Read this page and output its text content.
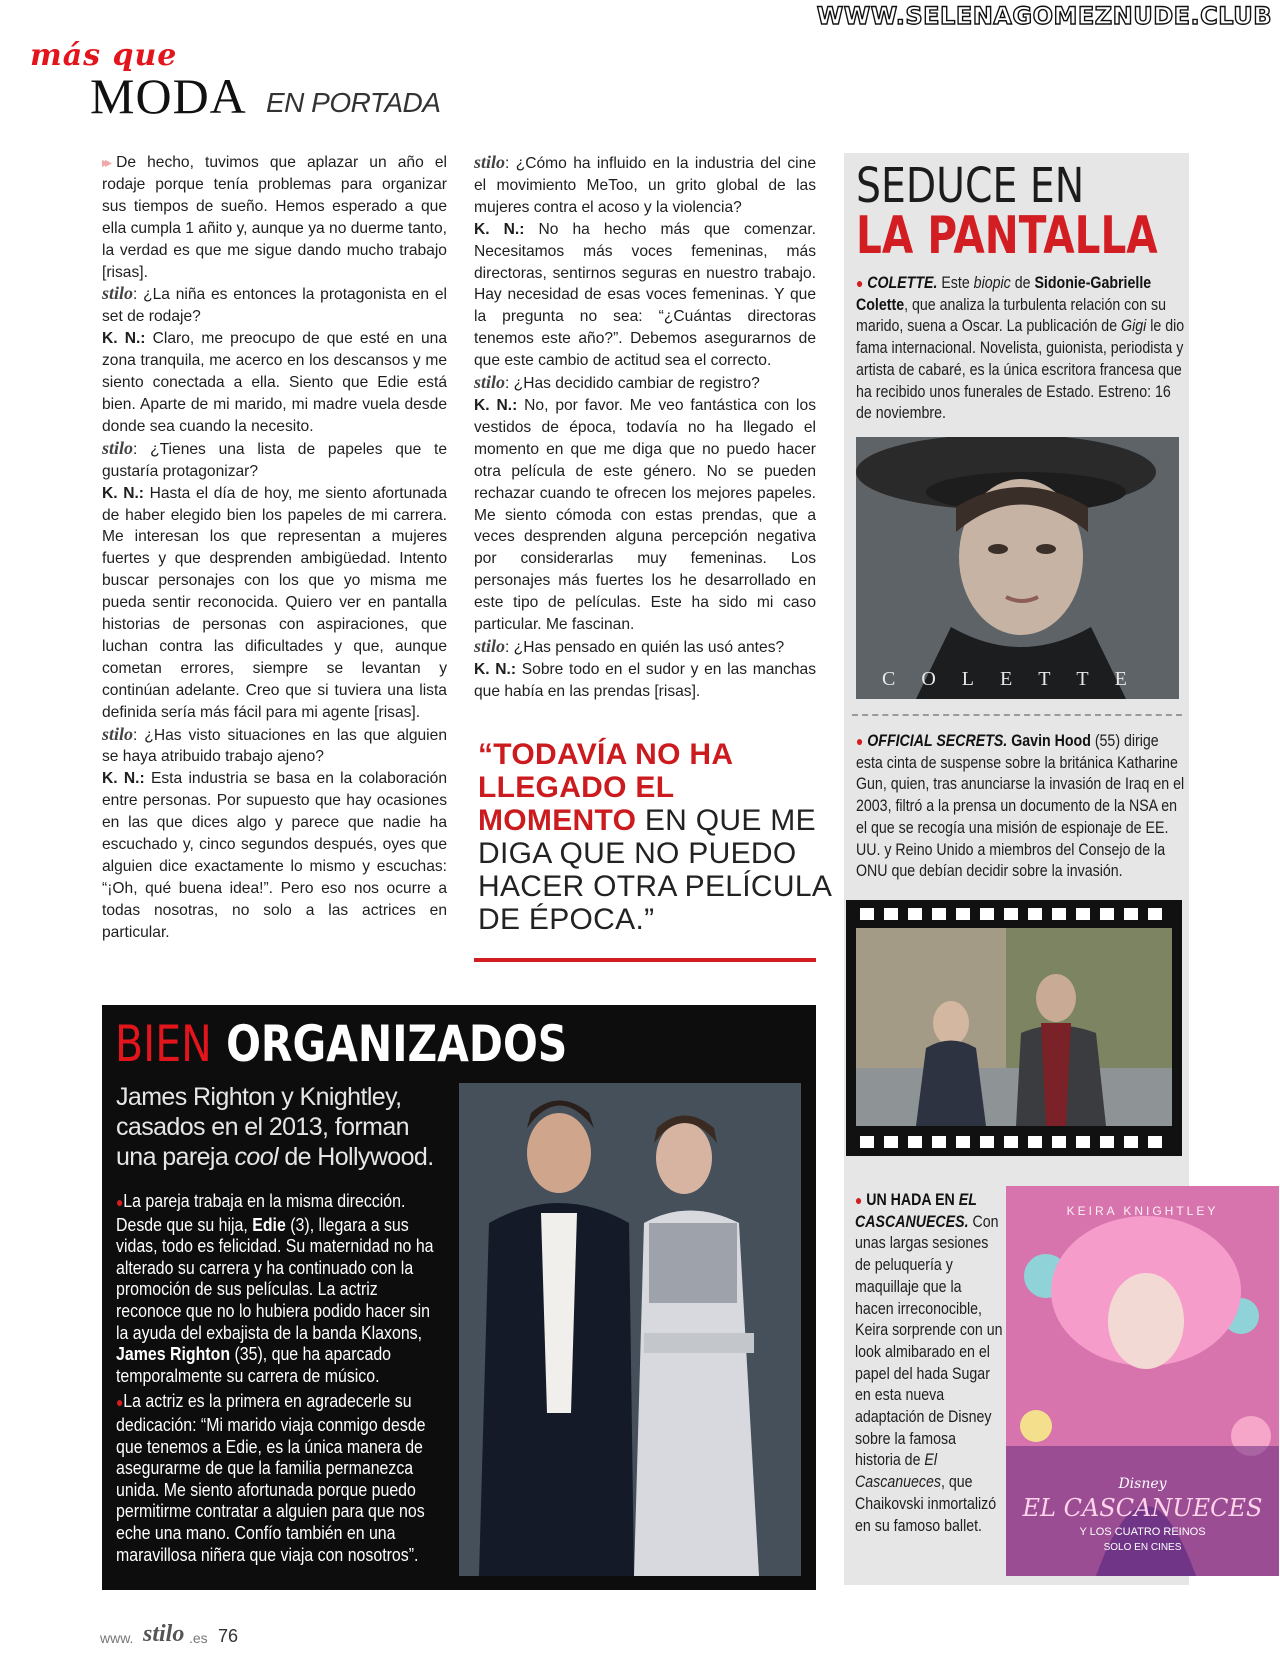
WWW.SELENAGOMEZNUDE.CLUB
más que
MODA EN PORTADA

▸▸ De hecho, tuvimos que aplazar un año el rodaje porque tenía problemas para organizar sus tiempos de sueño. Hemos esperado a que ella cumpla 1 añito y, aunque ya no duerme tanto, la verdad es que me sigue dando mucho trabajo [risas].

stilo: ¿La niña es entonces la protagonista en el set de rodaje?

K. N.: Claro, me preocupo de que esté en una zona tranquila, me acerco en los descansos y me siento conectada a ella. Siento que Edie está bien. Aparte de mi marido, mi madre vuela desde donde sea cuando la necesito.

stilo: ¿Tienes una lista de papeles que te gustaría protagonizar?

K. N.: Hasta el día de hoy, me siento afortunada de haber elegido bien los papeles de mi carrera. Me interesan los que representan a mujeres fuertes y que desprenden ambigüedad. Intento buscar personajes con los que yo misma me pueda sentir reconocida. Quiero ver en pantalla historias de personas con aspiraciones, que luchan contra las dificultades y que, aunque cometan errores, siempre se levantan y continúan adelante. Creo que si tuviera una lista definida sería más fácil para mi agente [risas].

stilo: ¿Has visto situaciones en las que alguien se haya atribuido trabajo ajeno?

K. N.: Esta industria se basa en la colaboración entre personas. Por supuesto que hay ocasiones en las que dices algo y parece que nadie ha escuchado y, cinco segundos después, oyes que alguien dice exactamente lo mismo y escuchas: “¡Oh, qué buena idea!”. Pero eso nos ocurre a todas nosotras, no solo a las actrices en particular.

stilo: ¿Cómo ha influido en la industria del cine el movimiento MeToo, un grito global de las mujeres contra el acoso y la violencia?

K. N.: No ha hecho más que comenzar. Necesitamos más voces femeninas, más directoras, sentirnos seguras en nuestro trabajo. Hay necesidad de esas voces femeninas. Y que la pregunta no sea: “¿Cuántas directoras tenemos este año?”. Debemos asegurarnos de que este cambio de actitud sea el correcto.

stilo: ¿Has decidido cambiar de registro?

K. N.: No, por favor. Me veo fantástica con los vestidos de época, todavía no ha llegado el momento en que me diga que no puedo hacer otra película de este género. No se pueden rechazar cuando te ofrecen los mejores papeles. Me siento cómoda con estas prendas, que a veces desprenden alguna percepción negativa por considerarlas muy femeninas. Los personajes más fuertes los he desarrollado en este tipo de películas. Este ha sido mi caso particular. Me fascinan.

stilo: ¿Has pensado en quién las usó antes?

K. N.: Sobre todo en el sudor y en las manchas que había en las prendas [risas].

“TODAVÍA NO HA LLEGADO EL MOMENTO EN QUE ME DIGA QUE NO PUEDO HACER OTRA PELÍCULA DE ÉPOCA.”
SEDUCE EN
LA PANTALLA
● COLETTE. Este biopic de Sidonie-Gabrielle Colette, que analiza la turbulenta relación con su marido, suena a Oscar. La publicación de Gigi le dio fama internacional. Novelista, guionista, periodista y artista de cabaré, es la única escritora francesa que ha recibido unos funerales de Estado. Estreno: 16 de noviembre.
COLETTE
● OFFICIAL SECRETS. Gavin Hood (55) dirige esta cinta de suspense sobre la británica Katharine Gun, quien, tras anunciarse la invasión de Iraq en el 2003, filtró a la prensa un documento de la NSA en el que se recogía una misión de espionaje de EE. UU. y Reino Unido a miembros del Consejo de la ONU que debían decidir sobre la invasión.
● UN HADA EN EL CASCANUECES. Con unas largas sesiones de peluquería y maquillaje que la hacen irreconocible, Keira sorprende con un look almibarado en el papel del hada Sugar en esta nueva adaptación de Disney sobre la famosa historia de El Cascanueces, que Chaikovski inmortalizó en su famoso ballet.
KEIRA KNIGHTLEY
Disney
EL CASCANUECES
Y LOS CUATRO REINOS
SOLO EN CINES
BIEN ORGANIZADOS
James Righton y Knightley, casados en el 2013, forman una pareja cool de Hollywood.

●La pareja trabaja en la misma dirección. Desde que su hija, Edie (3), llegara a sus vidas, todo es felicidad. Su maternidad no ha alterado su carrera y ha continuado con la promoción de sus películas. La actriz reconoce que no lo hubiera podido hacer sin la ayuda del exbajista de la banda Klaxons, James Righton (35), que ha aparcado temporalmente su carrera de músico.

●La actriz es la primera en agradecerle su dedicación: “Mi marido viaja conmigo desde que tenemos a Edie, es la única manera de asegurarme de que la familia permanezca unida. Me siento afortunada porque puedo permitirme contratar a alguien para que nos eche una mano. Confío también en una maravillosa niñera que viaja con nosotros”.

www. stilo .es 76
